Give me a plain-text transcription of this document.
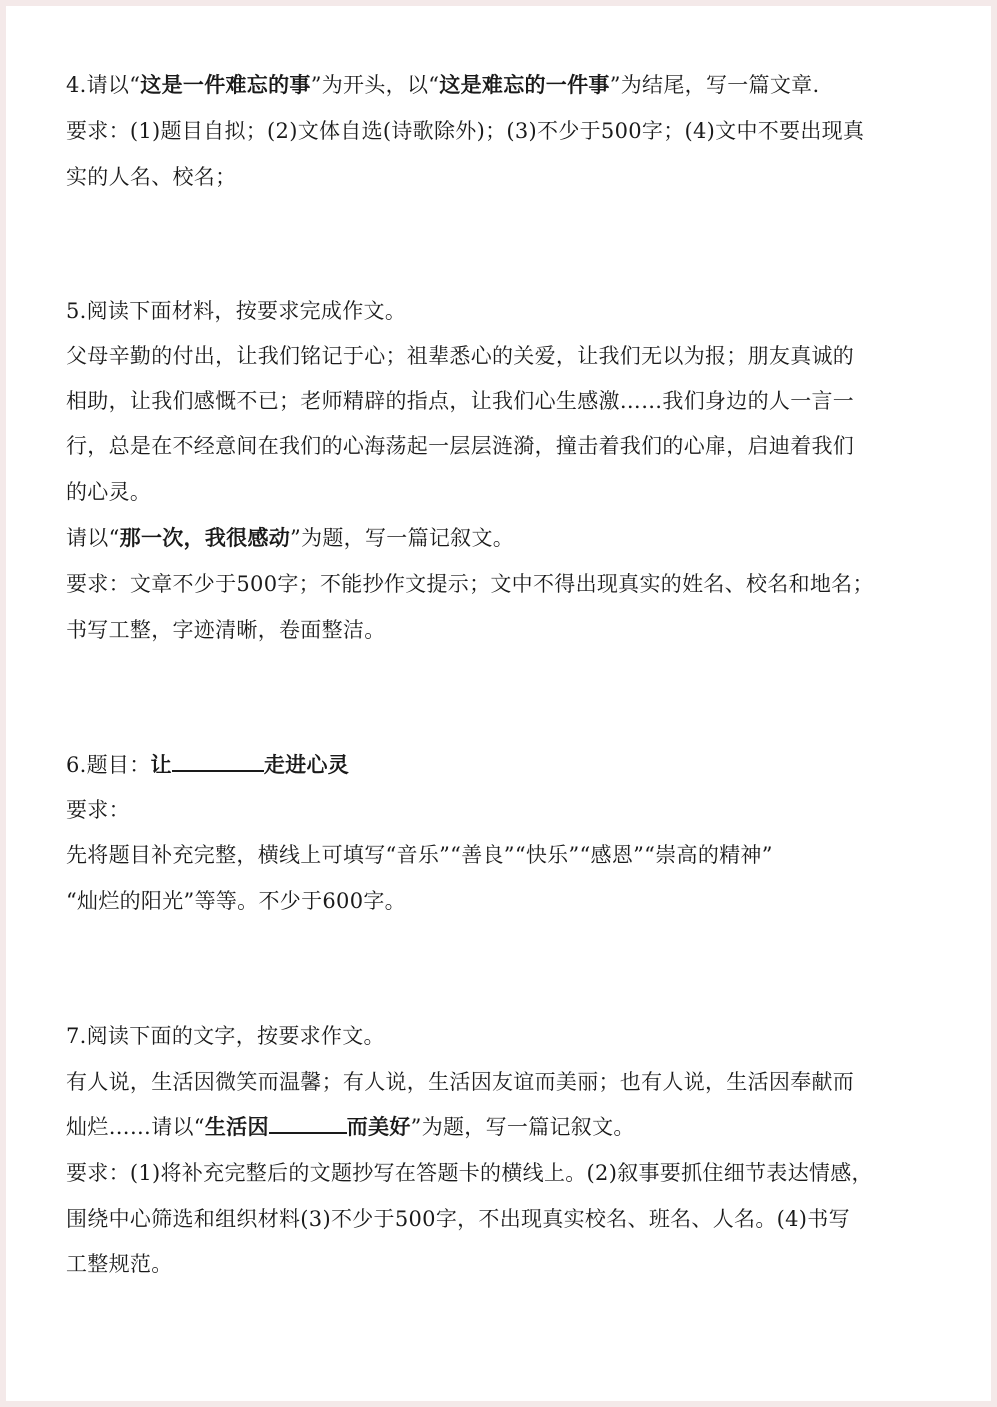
4.请以“这是一件难忘的事”为开头，以“这是难忘的一件事”为结尾，写一篇文章.
要求：(1)题目自拟；(2)文体自选(诗歌除外)；(3)不少于500字；(4)文中不要出现真
实的人名、校名；
5.阅读下面材料，按要求完成作文。
父母辛勤的付出，让我们铭记于心；祖辈悉心的关爱，让我们无以为报；朋友真诚的
相助，让我们感慨不已；老师精辟的指点，让我们心生感激……我们身边的人一言一
行，总是在不经意间在我们的心海荡起一层层涟漪，撞击着我们的心扉，启迪着我们
的心灵。
请以“那一次，我很感动”为题，写一篇记叙文。
要求：文章不少于500字；不能抄作文提示；文中不得出现真实的姓名、校名和地名；
书写工整，字迹清晰，卷面整洁。
6.题目：让	走进心灵
要求：
先将题目补充完整，横线上可填写“音乐”“善良”“快乐”“感恩”“崇高的精神”
“灿烂的阳光”等等。不少于600字。
7.阅读下面的文字，按要求作文。
有人说，生活因微笑而温馨；有人说，生活因友谊而美丽；也有人说，生活因奉献而
灿烂……请以“生活因	而美好”为题，写一篇记叙文。
要求：(1)将补充完整后的文题抄写在答题卡的横线上。(2)叙事要抓住细节表达情感，
围绕中心筛选和组织材料(3)不少于500字，不出现真实校名、班名、人名。(4)书写
工整规范。
